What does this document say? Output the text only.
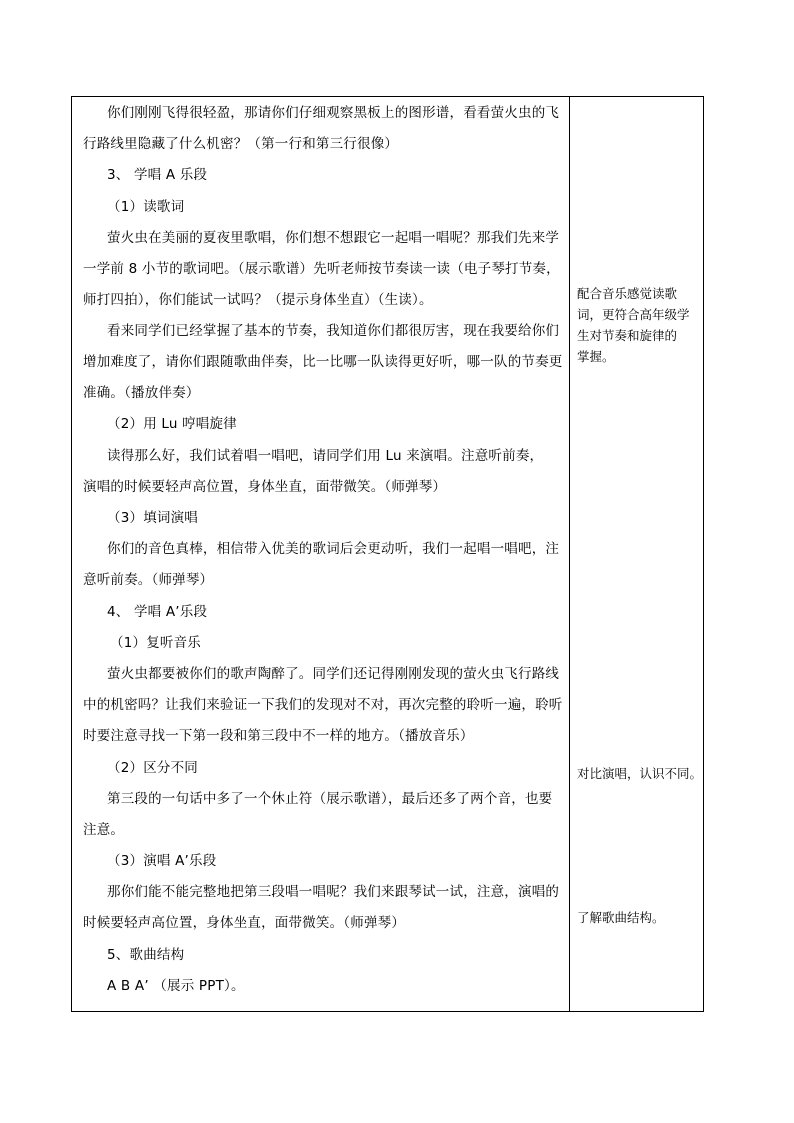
你们刚刚飞得很轻盈，那请你们仔细观察黑板上的图形谱，看看萤火虫的飞
行路线里隐藏了什么机密？（第一行和第三行很像）
3、 学唱 A 乐段
（1）读歌词
萤火虫在美丽的夏夜里歌唱，你们想不想跟它一起唱一唱呢？那我们先来学
一学前 8 小节的歌词吧。（展示歌谱）先听老师按节奏读一读（电子琴打节奏，
师打四拍），你们能试一试吗？（提示身体坐直）（生读）。
看来同学们已经掌握了基本的节奏，我知道你们都很厉害，现在我要给你们
增加难度了，请你们跟随歌曲伴奏，比一比哪一队读得更好听，哪一队的节奏更
准确。（播放伴奏）
（2）用 Lu 哼唱旋律
读得那么好，我们试着唱一唱吧，请同学们用 Lu 来演唱。注意听前奏，
演唱的时候要轻声高位置，身体坐直，面带微笑。（师弹琴）
（3）填词演唱
你们的音色真棒，相信带入优美的歌词后会更动听，我们一起唱一唱吧，注
意听前奏。（师弹琴）
4、 学唱 A’乐段
（1）复听音乐
萤火虫都要被你们的歌声陶醉了。同学们还记得刚刚发现的萤火虫飞行路线
中的机密吗？让我们来验证一下我们的发现对不对，再次完整的聆听一遍，聆听
时要注意寻找一下第一段和第三段中不一样的地方。（播放音乐）
（2）区分不同
第三段的一句话中多了一个休止符（展示歌谱），最后还多了两个音，也要
注意。
（3）演唱 A’乐段
那你们能不能完整地把第三段唱一唱呢？我们来跟琴试一试，注意，演唱的
时候要轻声高位置，身体坐直，面带微笑。（师弹琴）
5、歌曲结构
A B A’ （展示 PPT）。
配合音乐感觉读歌
词，更符合高年级学
生对节奏和旋律的
掌握。
对比演唱，认识不同。
了解歌曲结构。
